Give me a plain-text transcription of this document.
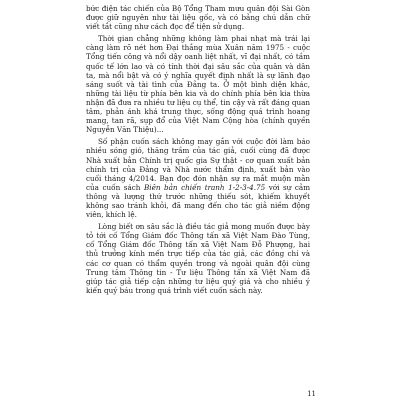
bức điện tác chiến của Bộ Tổng Tham mưu quân đội Sài Gòn được giữ nguyên như tài liệu gốc, và có bảng chú dẫn chữ viết tắt cũng như cách đọc để tiện sử dụng.

Thời gian chẳng những không làm phai nhạt mà trái lại càng làm rõ nét hơn Đại thắng mùa Xuân năm 1975 - cuộc Tổng tiến công và nổi dậy oanh liệt nhất, vĩ đại nhất, có tầm quốc tế lớn lao và có tính thời đại sâu sắc của quân và dân ta, mà nổi bật và có ý nghĩa quyết định nhất là sự lãnh đạo sáng suốt và tài tình của Đảng ta. Ở một bình diện khác, những tài liệu từ phía bên kia và do chính phía bên kia thừa nhận đã đưa ra nhiều tư liệu cụ thể, tin cậy và rất đáng quan tâm, phản ánh khá trung thực, sống động quá trình hoang mang, tan rã, sụp đổ của Việt Nam Cộng hòa (chính quyền Nguyễn Văn Thiệu)...

Số phận cuốn sách không may gắn với cuộc đời làm báo nhiều sóng gió, thăng trầm của tác giả, cuối cùng đã được Nhà xuất bản Chính trị quốc gia Sự thật - cơ quan xuất bản chính trị của Đảng và Nhà nước thẩm định, xuất bản vào cuối tháng 4/2014. Bạn đọc đón nhận sự ra mắt muộn mằn của cuốn sách Biên bản chiến tranh 1-2-3-4.75 với sự cảm thông và lượng thứ trước những thiếu sót, khiếm khuyết không sao tránh khỏi, đã mang đến cho tác giả niềm động viên, khích lệ.

Lòng biết ơn sâu sắc là điều tác giả mong muốn được bày tỏ tới cố Tổng Giám đốc Thông tấn xã Việt Nam Đào Tùng, cố Tổng Giám đốc Thông tấn xã Việt Nam Đỗ Phượng, hai thủ trưởng kính mến trực tiếp của tác giả, các đồng chí và các cơ quan có thẩm quyền trong và ngoài quân đội cùng Trung tâm Thông tin - Tư liệu Thông tấn xã Việt Nam đã giúp tác giả tiếp cận những tư liệu quý giá và cho nhiều ý kiến quý báu trong quá trình viết cuốn sách này.

11
